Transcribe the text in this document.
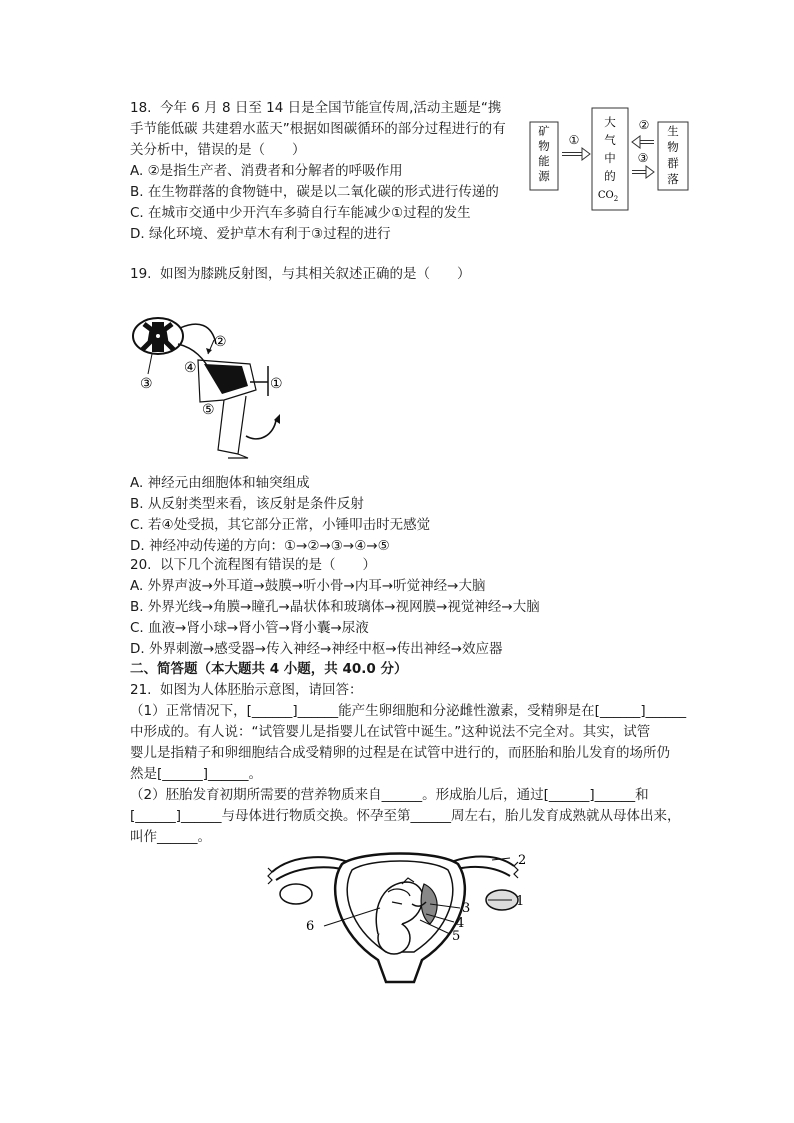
18. 今年 6 月 8 日至 14 日是全国节能宣传周,活动主题是“携
手节能低碳 共建碧水蓝天”根据如图碳循环的部分过程进行的有
关分析中，错误的是（　　）
A. ②是指生产者、消费者和分解者的呼吸作用
B. 在生物群落的食物链中，碳是以二氧化碳的形式进行传递的
C. 在城市交通中少开汽车多骑自行车能减少①过程的发生
D. 绿化环境、爱护草木有利于③过程的进行
矿物能源
大气中的
$CO_2$
生物群落
①
②
③
19. 如图为膝跳反射图，与其相关叙述正确的是（　　）
①
②
③
④
⑤
A. 神经元由细胞体和轴突组成
B. 从反射类型来看，该反射是条件反射
C. 若④处受损，其它部分正常，小锤叩击时无感觉
D. 神经冲动传递的方向：①→②→③→④→⑤
20. 以下几个流程图有错误的是（　　）
A. 外界声波→外耳道→鼓膜→听小骨→内耳→听觉神经→大脑
B. 外界光线→角膜→瞳孔→晶状体和玻璃体→视网膜→视觉神经→大脑
C. 血液→肾小球→肾小管→肾小囊→尿液
D. 外界刺激→感受器→传入神经→神经中枢→传出神经→效应器
二、简答题（本大题共 4 小题，共 40.0 分）
21. 如图为人体胚胎示意图，请回答：
（1）正常情况下，[______]______能产生卵细胞和分泌雌性激素，受精卵是在[______]______
中形成的。有人说：“试管婴儿是指婴儿在试管中诞生。”这种说法不完全对。其实，试管
婴儿是指精子和卵细胞结合成受精卵的过程是在试管中进行的，而胚胎和胎儿发育的场所仍
然是[______]______。
（2）胚胎发育初期所需要的营养物质来自______。形成胎儿后，通过[______]______和
[______]______与母体进行物质交换。怀孕至第______周左右，胎儿发育成熟就从母体出来，
叫作______。
1
2
3
4
5
6
